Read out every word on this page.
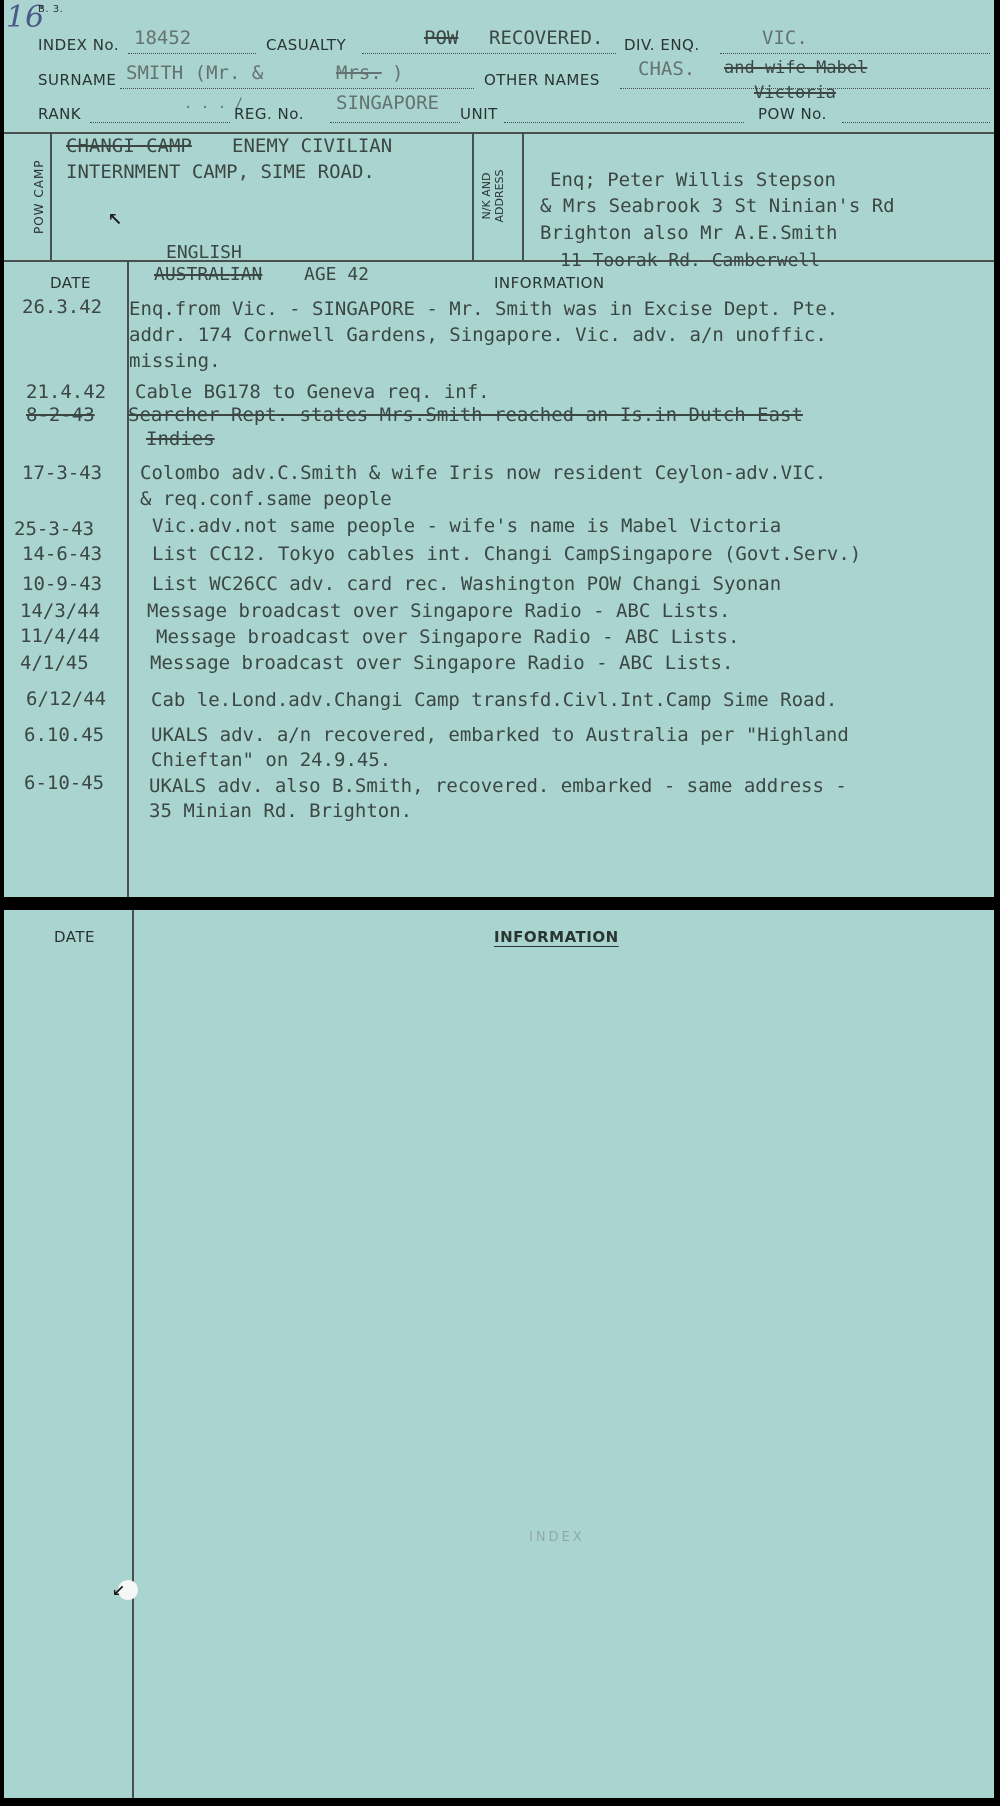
16
B. 3.
INDEX No. 18452	CASUALTY	POW RECOVERED. DIV. ENQ.	VIC.
SURNAME SMITH (Mr. &	Mrs. )	OTHER NAMES CHAS. and wife Mabel
Victoria
RANK
. . . /
REG. No. SINGAPORE UNIT	POW No.
POW CAMP
CHANGI CAMP ENEMY CIVILIAN
INTERNMENT CAMP, SIME ROAD.
↖	N/K AND
ADDRESS Enq; Peter Willis Stepson
& Mrs Seabrook 3 St Ninian's Rd
Brighton also Mr A.E.Smith
11 Toorak Rd. Camberwell
DATE	INFORMATION
ENGLISH
AUSTRALIAN AGE 42
26.3.42 Enq.from Vic. - SINGAPORE - Mr. Smith was in Excise Dept. Pte.
addr. 174 Cornwell Gardens, Singapore. Vic. adv. a/n unoffic.
missing.
21.4.42 Cable BG178 to Geneva req. inf.
8-2-43 Searcher Rept. states Mrs.Smith reached an Is.in Dutch East
Indies
17-3-43 Colombo adv.C.Smith & wife Iris now resident Ceylon-adv.VIC.
& req.conf.same people
25-3-43	Vic.adv.not same people - wife's name is Mabel Victoria
14-6-43	List CC12. Tokyo cables int. Changi CampSingapore (Govt.Serv.)
10-9-43	List WC26CC adv. card rec. Washington POW Changi Syonan
14/3/44 Message broadcast over Singapore Radio - ABC Lists.
11/4/44	Message broadcast over Singapore Radio - ABC Lists.
4/1/45	Message broadcast over Singapore Radio - ABC Lists.
6/12/44 Cab le.Lond.adv.Changi Camp transfd.Civl.Int.Camp Sime Road.
6.10.45 UKALS adv. a/n recovered, embarked to Australia per "Highland
Chieftan" on 24.9.45.
6-10-45 UKALS adv. also B.Smith, recovered. embarked - same address -
35 Minian Rd. Brighton.
DATE	INFORMATION
INDEX
↙
